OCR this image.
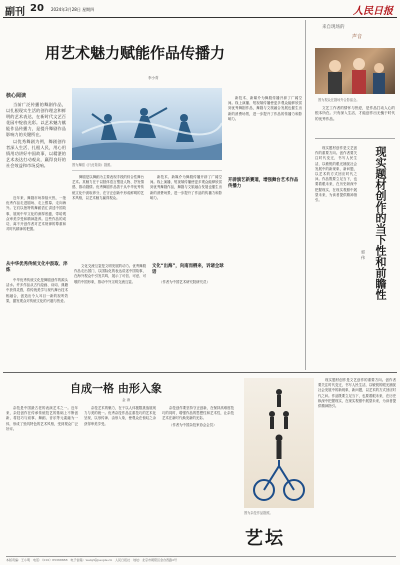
副刊 20 2024年3月28日 星期四	人民日报
用艺术魅力赋能作品传播力
李小青
核心阅读

当前广泛传播的舞剧作品，以扎根现实生活的创作理念和鲜明的艺术表达，在新时代文艺百花园中绽放光彩。以艺术魅力赋能作品传播力，是提升舞剧作品影响力的关键所在。

以优秀舞剧为例，舞剧创作者深入生活、扎根人民，用心用情用功讲好中国故事，以精湛的艺术表达打动观众，赢得良好的社会效益和市场反响。	图为舞剧《只此青绿》剧照。

近年来，舞剧市场持续火热，一批优秀作品走进剧场、走上银幕、走向海外。它们以独特的舞蹈语汇讲述中国故事，展现中华文化的深厚底蕴，带给观众审美享受和精神滋养。这些作品的成功，离不开创作者对艺术规律的尊重和对时代精神的把握。

舞剧是以舞蹈为主要表现手段的综合性舞台艺术。其魅力在于以肢体语言塑造人物、抒发情感、推动剧情。优秀舞剧作品善于从中华优秀传统文化中汲取养分，在守正创新中形成鲜明的艺术风格，以艺术魅力赢得观众。

新技术、新媒介为舞剧传播开辟了广阔空间。线上演播、短视频传播使更多观众能够欣赏到优秀舞剧作品，舞剧与文旅融合发展也催生出新的消费场景，进一步提升了作品的传播力和影响力。

从中华优秀传统文化中汲取、淬炼

中华优秀传统文化是舞剧创作的源头活水。许多作品从古代绘画、诗词、典籍中获得灵感，将传统美学与现代舞台技术相融合，创造出令人耳目一新的视听效果，激发观众对传统文化的兴趣与热爱。

文化交流互鉴是文明发展的动力。优秀舞剧作品走出国门，以国际化的表达讲述中国故事，在海外观众中引发共鸣，展示了可信、可爱、可敬的中国形象，推动中外文明交流互鉴。

文化“出海”，向南而栖来，诉诸全球语

（作者为中国艺术研究院研究员）

开辟演艺新赛道，增强舞台艺术作品传播力

新技术、新媒介为舞剧传播开辟了广阔空间。线上演播、短视频传播使更多观众能够欣赏到优秀舞剧作品，舞剧与文旅融合发展也催生出新的消费场景，进一步提升了作品的传播力和影响力。

来自现场的
声音
图为观众在剧场外合影留念。

文艺工作者的情怀与热爱，是作品打动人心的根本所在。只有深入生活，才能创作出无愧于时代的优秀作品。

现实题材创作的当下性和前瞻性
郭 伟

现实题材创作是文艺创作的重要方向。创作者要关注时代变迁，书写人民生活，以敏锐的眼光捕捉社会发展中的新现象、新问题，以艺术的方式回应时代之问。作品既要立足当下，也要着眼未来，在历史纵深中把握现实，在现实观照中展望未来，为读者提供精神指引。

自成一格 由形入象
金 涛

杂技是中国最古老的表演艺术之一。近年来，杂技创作在传承传统技艺的基础上不断创新，将技巧与叙事、舞蹈、音乐等元素融为一体，形成了独具特色的艺术风格，受到观众广泛好评。

杂技艺术的魅力，在于以人体极限挑战展现力与美的统一。优秀杂技作品注重技巧的艺术化呈现，以形传神、由形入象，使观众在惊叹之余获得审美享受。

杂技创作要坚持守正创新，在保持高难度技巧的同时，增强作品的思想性和艺术性，让杂技艺术在新时代焕发新的光彩。

（作者为中国杂技家协会会员）

图为杂技作品剧照。

现实题材创作是文艺创作的重要方向。创作者要关注时代变迁，书写人民生活，以敏锐的眼光捕捉社会发展中的新现象、新问题，以艺术的方式回应时代之问。作品既要立足当下，也要着眼未来，在历史纵深中把握现实，在现实观照中展望未来，为读者提供精神指引。

艺坛
本版责编：王小明　电话：（010）65368888　电子信箱：wenyi@people.cn　人民日报社　地址：北京市朝阳区金台西路2号
